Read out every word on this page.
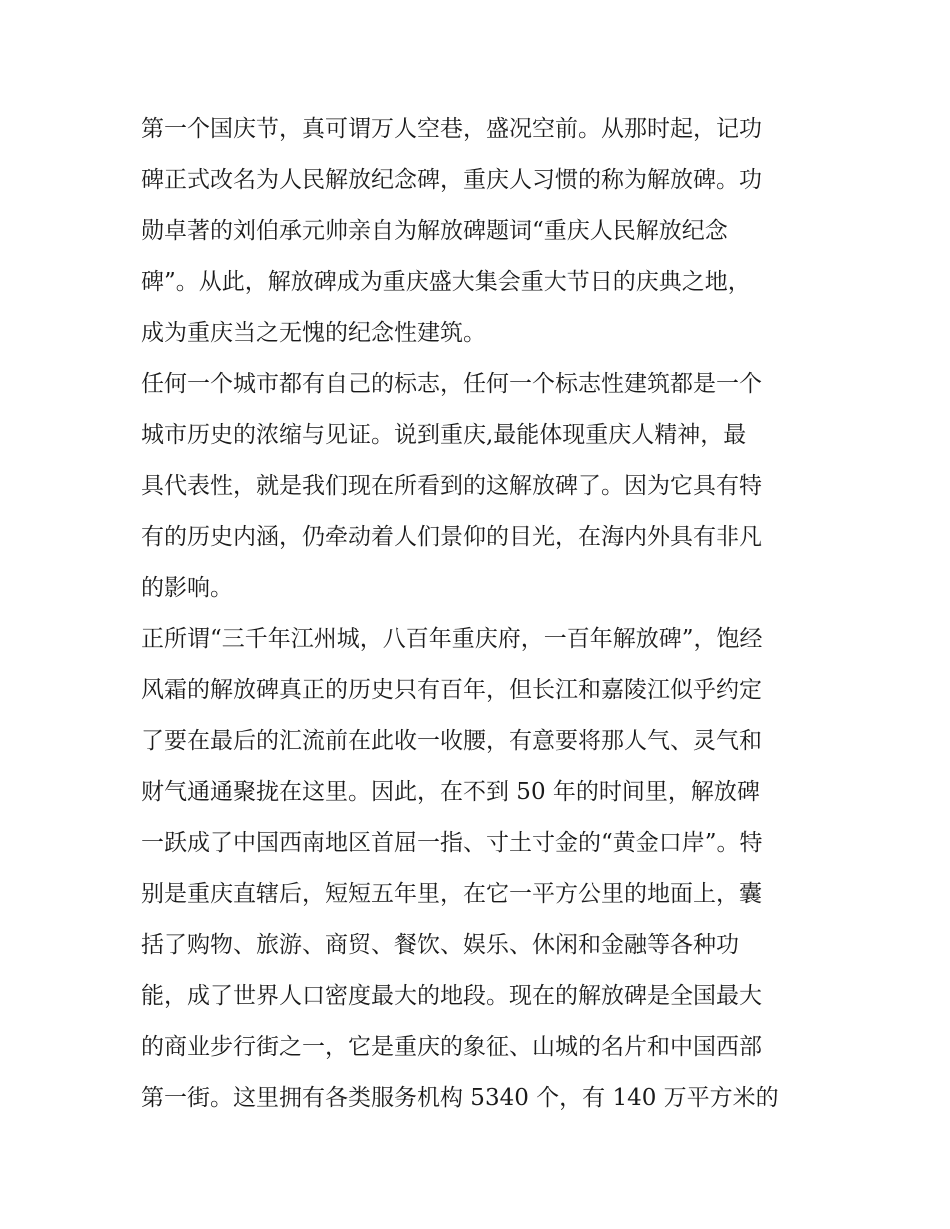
第一个国庆节，真可谓万人空巷，盛况空前。从那时起，记功
碑正式改名为人民解放纪念碑，重庆人习惯的称为解放碑。功
勋卓著的刘伯承元帅亲自为解放碑题词“重庆人民解放纪念
碑”。从此，解放碑成为重庆盛大集会重大节日的庆典之地，
成为重庆当之无愧的纪念性建筑。
任何一个城市都有自己的标志，任何一个标志性建筑都是一个
城市历史的浓缩与见证。说到重庆,最能体现重庆人精神，最
具代表性，就是我们现在所看到的这解放碑了。因为它具有特
有的历史内涵，仍牵动着人们景仰的目光，在海内外具有非凡
的影响。
正所谓“三千年江州城，八百年重庆府，一百年解放碑”，饱经
风霜的解放碑真正的历史只有百年，但长江和嘉陵江似乎约定
了要在最后的汇流前在此收一收腰，有意要将那人气、灵气和
财气通通聚拢在这里。因此，在不到 50 年的时间里，解放碑
一跃成了中国西南地区首屈一指、寸土寸金的“黄金口岸”。特
别是重庆直辖后，短短五年里，在它一平方公里的地面上，囊
括了购物、旅游、商贸、餐饮、娱乐、休闲和金融等各种功
能，成了世界人口密度最大的地段。现在的解放碑是全国最大
的商业步行街之一，它是重庆的象征、山城的名片和中国西部
第一街。这里拥有各类服务机构 5340 个，有 140 万平方米的
